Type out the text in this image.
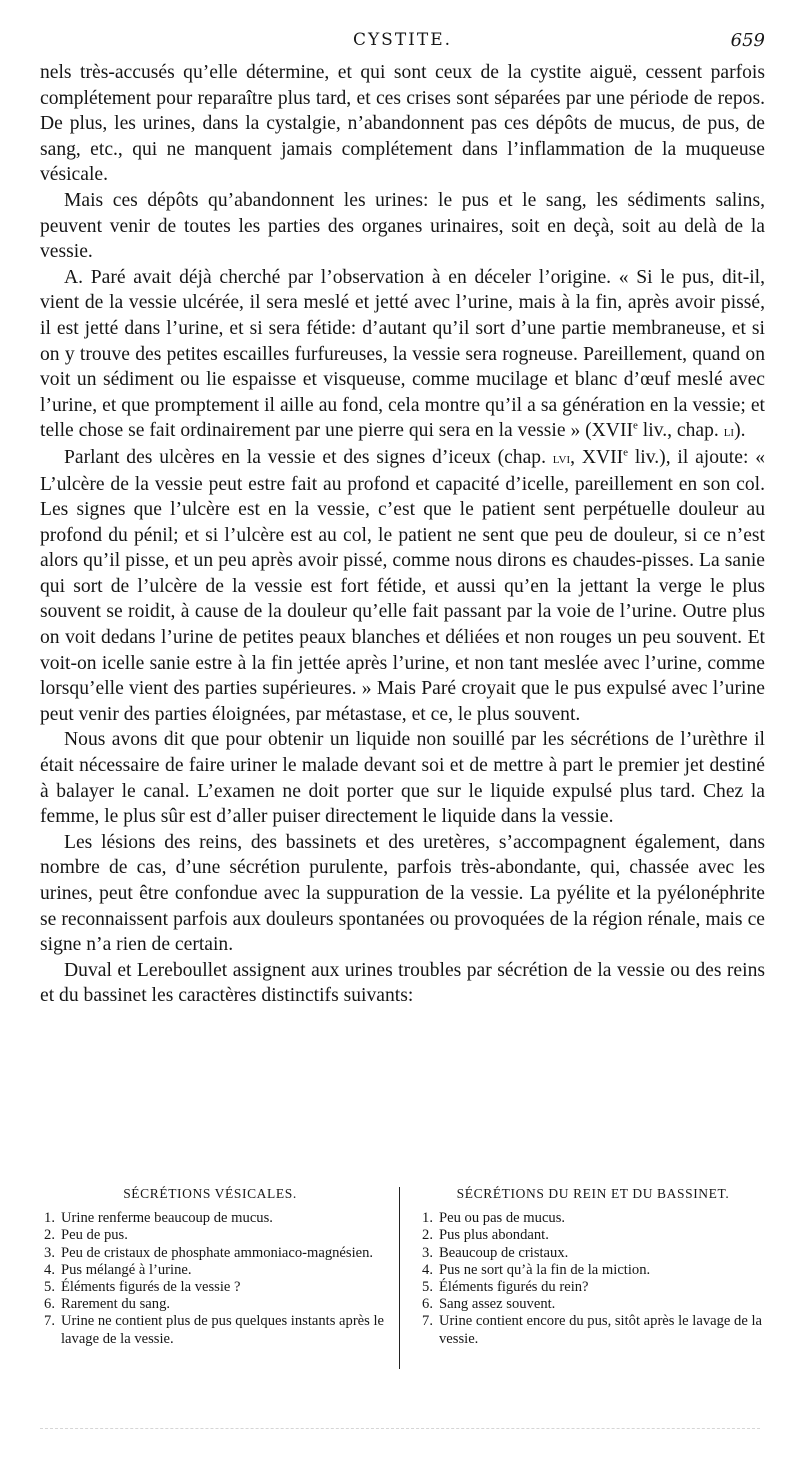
CYSTITE.	659

nels très-accusés qu’elle détermine, et qui sont ceux de la cystite aiguë, cessent parfois complétement pour reparaître plus tard, et ces crises sont séparées par une période de repos. De plus, les urines, dans la cystalgie, n’abandonnent pas ces dépôts de mucus, de pus, de sang, etc., qui ne manquent jamais complétement dans l’inflammation de la muqueuse vésicale.

Mais ces dépôts qu’abandonnent les urines: le pus et le sang, les sédiments salins, peuvent venir de toutes les parties des organes urinaires, soit en deçà, soit au delà de la vessie.

A. Paré avait déjà cherché par l’observation à en déceler l’origine. « Si le pus, dit-il, vient de la vessie ulcérée, il sera meslé et jetté avec l’urine, mais à la fin, après avoir pissé, il est jetté dans l’urine, et si sera fétide: d’autant qu’il sort d’une partie membraneuse, et si on y trouve des petites escailles furfureuses, la vessie sera rogneuse. Pareillement, quand on voit un sédiment ou lie espaisse et visqueuse, comme mucilage et blanc d’œuf meslé avec l’urine, et que promptement il aille au fond, cela montre qu’il a sa génération en la vessie; et telle chose se fait ordinairement par une pierre qui sera en la vessie » (XVIIe liv., chap. li).

Parlant des ulcères en la vessie et des signes d’iceux (chap. lvi, XVIIe liv.), il ajoute: « L’ulcère de la vessie peut estre fait au profond et capacité d’icelle, pareillement en son col. Les signes que l’ulcère est en la vessie, c’est que le patient sent perpétuelle douleur au profond du pénil; et si l’ulcère est au col, le patient ne sent que peu de douleur, si ce n’est alors qu’il pisse, et un peu après avoir pissé, comme nous dirons es chaudes-pisses. La sanie qui sort de l’ulcère de la vessie est fort fétide, et aussi qu’en la jettant la verge le plus souvent se roidit, à cause de la douleur qu’elle fait passant par la voie de l’urine. Outre plus on voit dedans l’urine de petites peaux blanches et déliées et non rouges un peu souvent. Et voit-on icelle sanie estre à la fin jettée après l’urine, et non tant meslée avec l’urine, comme lorsqu’elle vient des parties supérieures. » Mais Paré croyait que le pus expulsé avec l’urine peut venir des parties éloignées, par métastase, et ce, le plus souvent.

Nous avons dit que pour obtenir un liquide non souillé par les sécrétions de l’urèthre il était nécessaire de faire uriner le malade devant soi et de mettre à part le premier jet destiné à balayer le canal. L’examen ne doit porter que sur le liquide expulsé plus tard. Chez la femme, le plus sûr est d’aller puiser directement le liquide dans la vessie.

Les lésions des reins, des bassinets et des uretères, s’accompagnent également, dans nombre de cas, d’une sécrétion purulente, parfois très-abondante, qui, chassée avec les urines, peut être confondue avec la suppuration de la vessie. La pyélite et la pyélonéphrite se reconnaissent parfois aux douleurs spontanées ou provoquées de la région rénale, mais ce signe n’a rien de certain.

Duval et Lereboullet assignent aux urines troubles par sécrétion de la vessie ou des reins et du bassinet les caractères distinctifs suivants:

SÉCRÉTIONS VÉSICALES.
1. Urine renferme beaucoup de mucus.
2. Peu de pus.
3. Peu de cristaux de phosphate ammoniaco-magnésien.
4. Pus mélangé à l’urine.
5. Éléments figurés de la vessie ?
6. Rarement du sang.
7. Urine ne contient plus de pus quelques instants après le lavage de la vessie.
SÉCRÉTIONS DU REIN ET DU BASSINET.
1. Peu ou pas de mucus.
2. Pus plus abondant.
3. Beaucoup de cristaux.
4. Pus ne sort qu’à la fin de la miction.
5. Éléments figurés du rein?
6. Sang assez souvent.
7. Urine contient encore du pus, sitôt après le lavage de la vessie.
